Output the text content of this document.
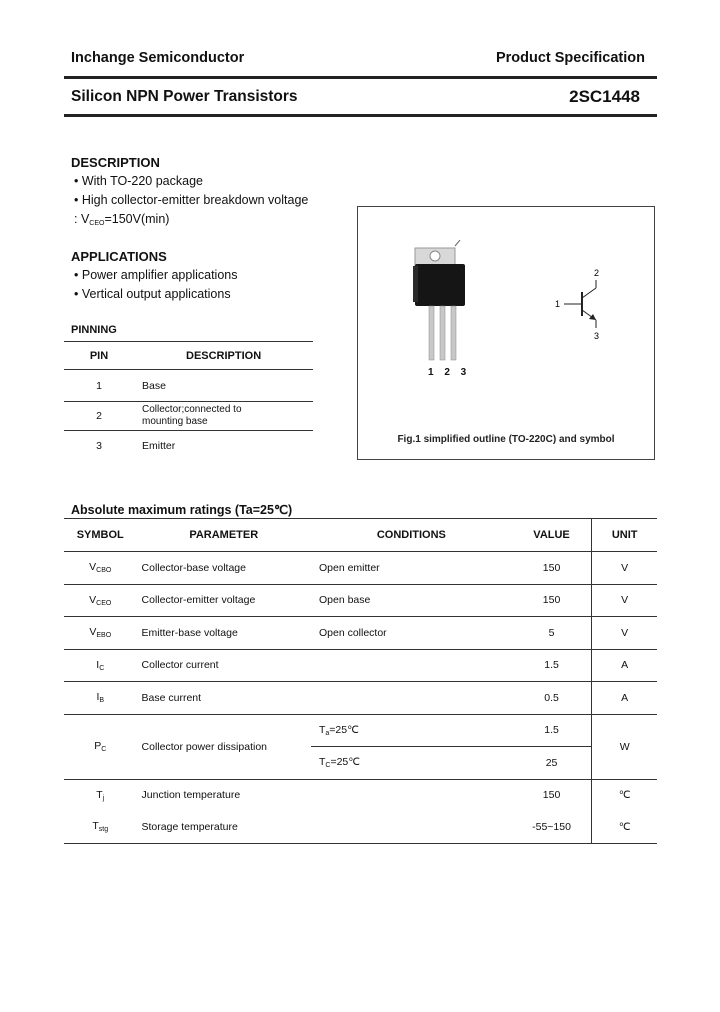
Inchange Semiconductor	Product Specification
Silicon NPN Power Transistors	2SC1448
DESCRIPTION
• With TO-220 package
• High collector-emitter breakdown voltage
: $V_{CEO}=150V(\min)$
APPLICATIONS
• Power amplifier applications
• Vertical output applications
PINNING
PIN	DESCRIPTION
1	Base
2	Collector;connected to mounting base
3	Emitter
1 2 3
1
2
3
Fig.1 simplified outline (TO-220C) and symbol
Absolute maximum ratings (Ta=25℃)
SYMBOL	PARAMETER	CONDITIONS	VALUE	UNIT
$V_{CBO}$	Collector-base voltage	Open emitter	150	V
$V_{CEO}$	Collector-emitter voltage	Open base	150	V
$V_{EBO}$	Emitter-base voltage	Open collector	5	V
$I_C$	Collector current		1.5	A
$I_B$	Base current		0.5	A
$P_C$	Collector power dissipation	$T_a=25℃$	1.5	W
		$T_C=25℃$	25	
$T_j$	Junction temperature		150	℃
$T_{stg}$	Storage temperature		-55~150	℃
